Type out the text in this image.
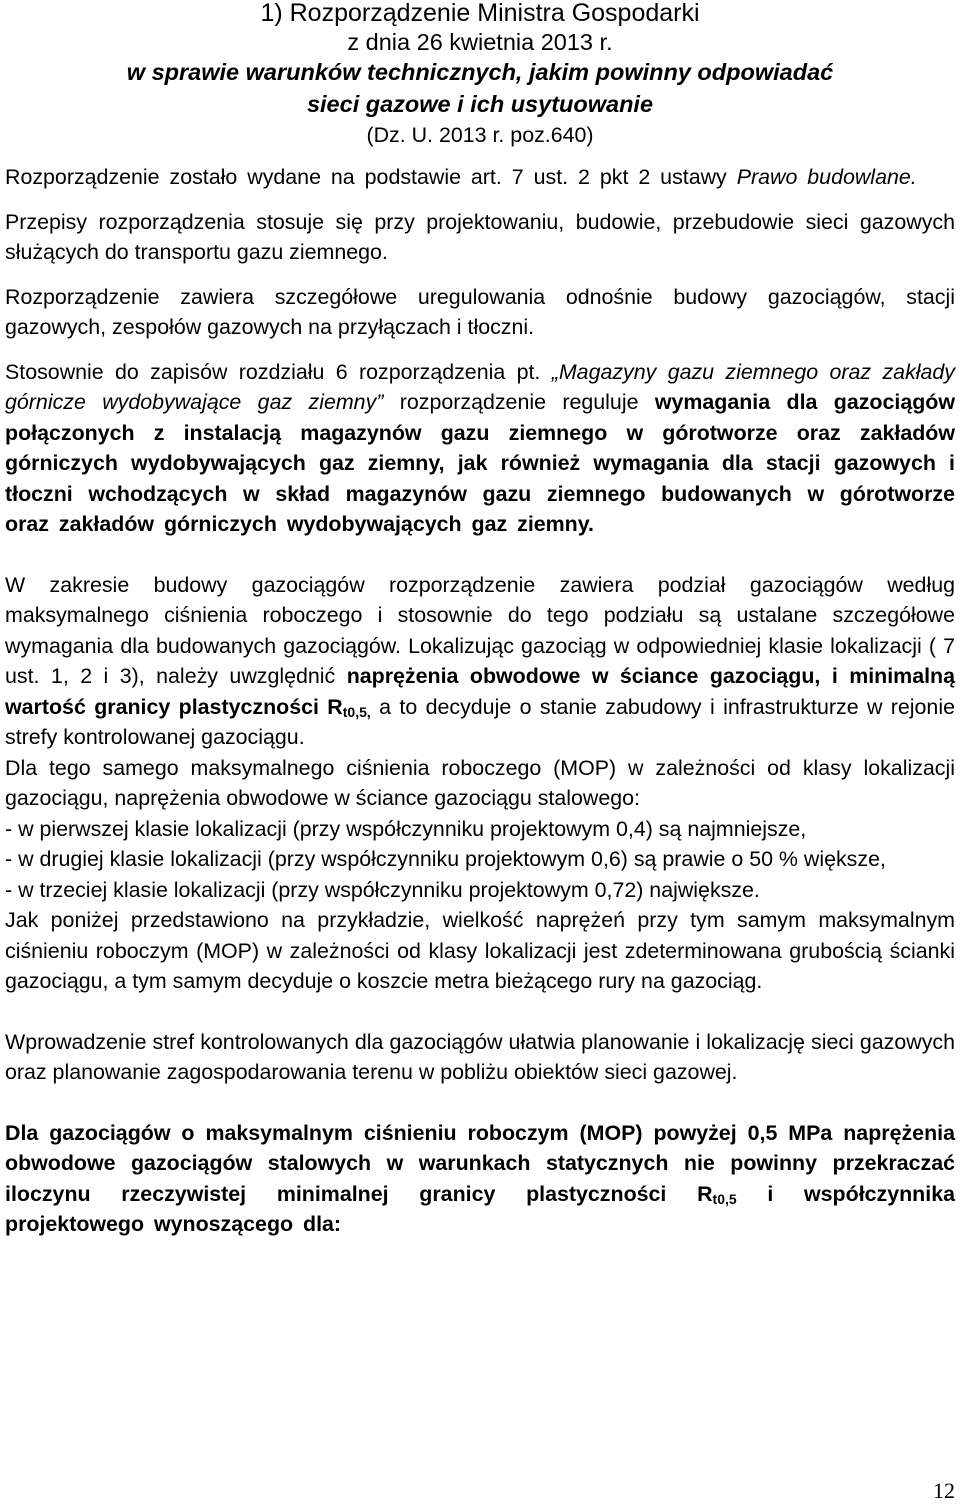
1) Rozporządzenie Ministra Gospodarki
z dnia 26 kwietnia 2013 r.
w sprawie warunków technicznych, jakim powinny odpowiadać
sieci gazowe i ich usytuowanie
(Dz. U. 2013 r. poz.640)

Rozporządzenie zostało wydane na podstawie art. 7 ust. 2 pkt 2 ustawy Prawo budowlane.

Przepisy rozporządzenia stosuje się przy projektowaniu, budowie, przebudowie sieci gazowych służących do transportu gazu ziemnego.

Rozporządzenie zawiera szczegółowe uregulowania odnośnie budowy gazociągów, stacji gazowych, zespołów gazowych na przyłączach i tłoczni.

Stosownie do zapisów rozdziału 6 rozporządzenia pt. „Magazyny gazu ziemnego oraz zakłady górnicze wydobywające gaz ziemny” rozporządzenie reguluje wymagania dla gazociągów połączonych z instalacją magazynów gazu ziemnego w górotworze oraz zakładów górniczych wydobywających gaz ziemny, jak również wymagania dla stacji gazowych i tłoczni wchodzących w skład magazynów gazu ziemnego budowanych w górotworze oraz zakładów górniczych wydobywających gaz ziemny.

W zakresie budowy gazociągów rozporządzenie zawiera podział gazociągów według maksymalnego ciśnienia roboczego i stosownie do tego podziału są ustalane szczegółowe wymagania dla budowanych gazociągów. Lokalizując gazociąg w odpowiedniej klasie lokalizacji ( 7 ust. 1, 2 i 3), należy uwzględnić naprężenia obwodowe w ściance gazociągu, i minimalną wartość granicy plastyczności $R_{t0,5,}$ a to decyduje o stanie zabudowy i infrastrukturze w rejonie strefy kontrolowanej gazociągu.

Dla tego samego maksymalnego ciśnienia roboczego (MOP) w zależności od klasy lokalizacji gazociągu, naprężenia obwodowe w ściance gazociągu stalowego:

- w pierwszej klasie lokalizacji (przy współczynniku projektowym 0,4) są najmniejsze,

- w drugiej klasie lokalizacji (przy współczynniku projektowym 0,6) są prawie o 50 % większe,

- w trzeciej klasie lokalizacji (przy współczynniku projektowym 0,72) największe.

Jak poniżej przedstawiono na przykładzie, wielkość naprężeń przy tym samym maksymalnym ciśnieniu roboczym (MOP) w zależności od klasy lokalizacji jest zdeterminowana grubością ścianki gazociągu, a tym samym decyduje o koszcie metra bieżącego rury na gazociąg.

Wprowadzenie stref kontrolowanych dla gazociągów ułatwia planowanie i lokalizację sieci gazowych oraz planowanie zagospodarowania terenu w pobliżu obiektów sieci gazowej.

Dla gazociągów o maksymalnym ciśnieniu roboczym (MOP) powyżej 0,5 MPa naprężenia obwodowe gazociągów stalowych w warunkach statycznych nie powinny przekraczać iloczynu rzeczywistej minimalnej granicy plastyczności $R_{t0,5}$ i współczynnika projektowego wynoszącego dla:

12
